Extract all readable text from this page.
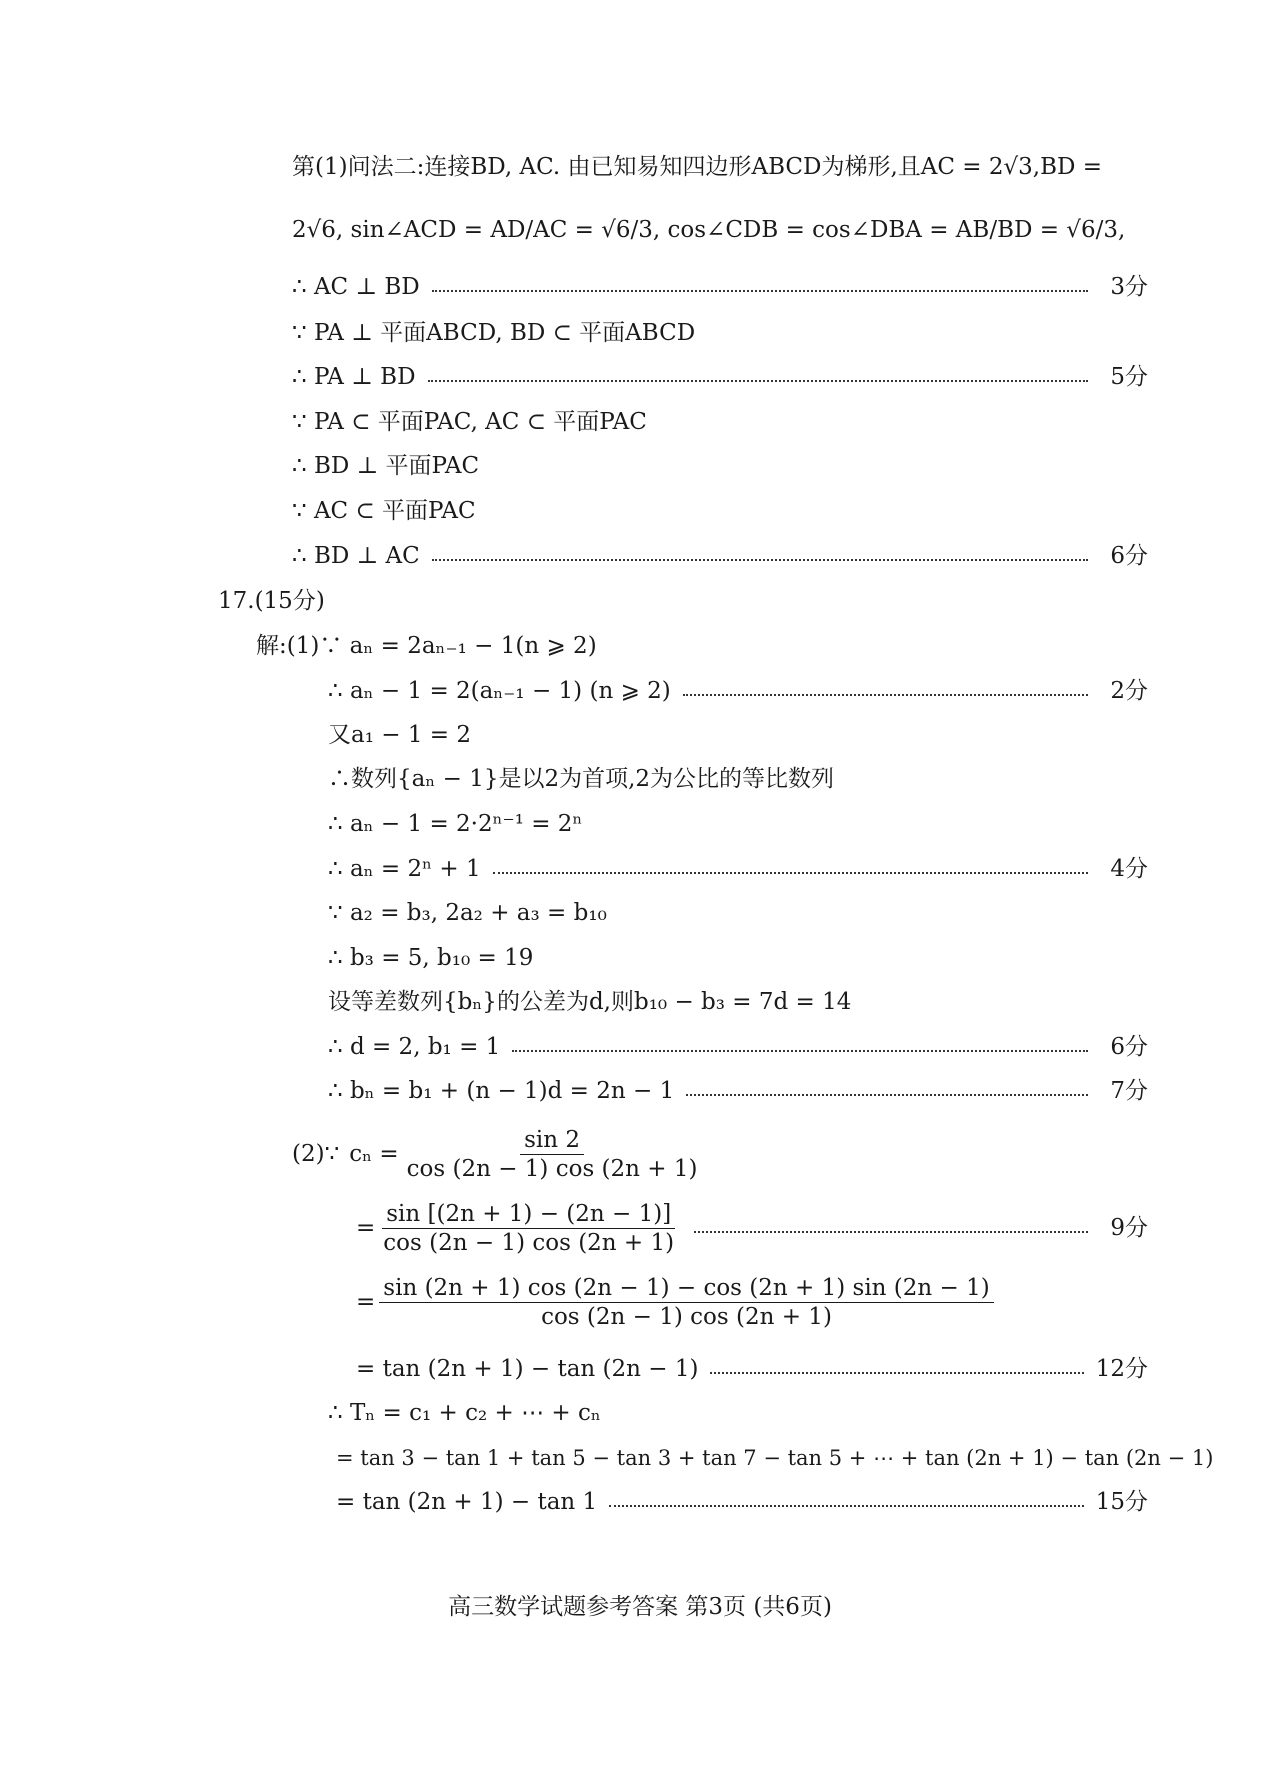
第(1)问法二:连接BD, AC. 由已知易知四边形ABCD为梯形,且AC = 2√3,BD =
2√6, sin∠ACD = AD/AC = √6/3, cos∠CDB = cos∠DBA = AB/BD = √6/3,
∴ AC ⊥ BD	3分
∵ PA ⊥ 平面ABCD, BD ⊂ 平面ABCD
∴ PA ⊥ BD	5分
∵ PA ⊂ 平面PAC, AC ⊂ 平面PAC
∴ BD ⊥ 平面PAC
∵ AC ⊂ 平面PAC
∴ BD ⊥ AC	6分
17.(15分)
解:(1)∵ aₙ = 2aₙ₋₁ − 1(n ⩾ 2)
∴ aₙ − 1 = 2(aₙ₋₁ − 1) (n ⩾ 2)	2分
又a₁ − 1 = 2
∴数列{aₙ − 1}是以2为首项,2为公比的等比数列
∴ aₙ − 1 = 2·2ⁿ⁻¹ = 2ⁿ
∴ aₙ = 2ⁿ + 1	4分
∵ a₂ = b₃, 2a₂ + a₃ = b₁₀
∴ b₃ = 5, b₁₀ = 19
设等差数列{bₙ}的公差为d,则b₁₀ − b₃ = 7d = 14
∴ d = 2, b₁ = 1	6分
∴ bₙ = b₁ + (n − 1)d = 2n − 1	7分
(2)∵ $c_n = \frac{\sin 2}{\cos (2n - 1) \cos (2n + 1)}$
= $\frac{\sin [(2n + 1) - (2n - 1)]}{\cos (2n - 1) \cos (2n + 1)}$	9分
= $\frac{\sin (2n + 1) \cos (2n - 1) - \cos (2n + 1) \sin (2n - 1)}{\cos (2n - 1) \cos (2n + 1)}$
= tan (2n + 1) − tan (2n − 1)	12分
∴ Tₙ = c₁ + c₂ + ⋯ + cₙ
= tan 3 − tan 1 + tan 5 − tan 3 + tan 7 − tan 5 + ⋯ + tan (2n + 1) − tan (2n − 1)
= tan (2n + 1) − tan 1	15分
高三数学试题参考答案 第3页 (共6页)
